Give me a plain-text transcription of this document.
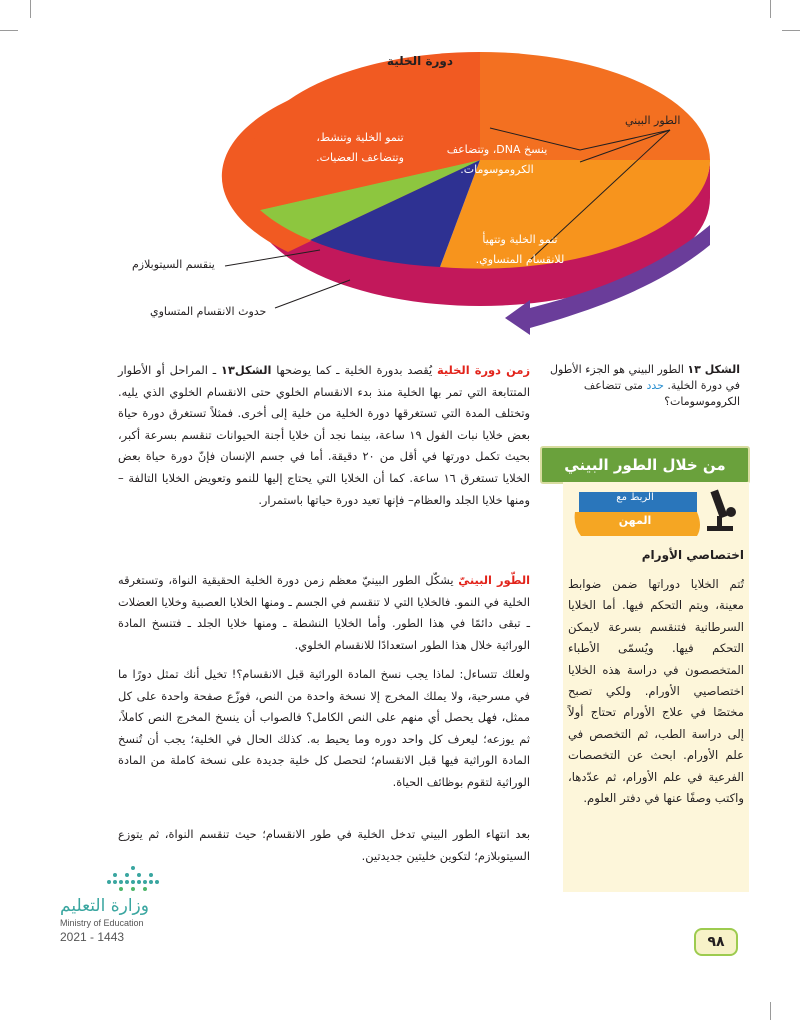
دورة الخلية
تنمو الخلية وتنشط،
وتتضاعف العضيات.
ينسخ DNA، وتتضاعف
الكروموسومات.
تنمو الخلية وتتهيأ
للانقسام المتساوي.
الطور البيني
ينقسم السيتوبلازم
حدوث الانقسام المتساوي
الشكل ١٣ الطور البيني هو الجزء الأطول في دورة الخلية. حدد متى تتضاعف الكروموسومات؟
زمن دورة الخلية يُقصد بدورة الخلية ـ كما يوضحها الشكل١٣ ـ المراحل أو الأطوار المتتابعة التي تمر بها الخلية منذ بدء الانقسام الخلوي حتى الانقسام الخلوي الذي يليه. وتختلف المدة التي تستغرقها دورة الخلية من خلية إلى أخرى. فمثلاً تستغرق دورة حياة بعض خلايا نبات الفول ١٩ ساعة، بينما نجد أن خلايا أجنة الحيوانات تنقسم بسرعة أكبر، بحيث تكمل دورتها في أقل من ٢٠ دقيقة. أما في جسم الإنسان فإنّ دورة حياة بعض الخلايا تستغرق ١٦ ساعة. كما أن الخلايا التي يحتاج إليها للنمو وتعويض الخلايا التالفة – ومنها خلايا الجلد والعظام– فإنها تعيد دورة حياتها باستمرار.
الطّور البينيّ يشكّل الطور البينيّ معظم زمن دورة الخلية الحقيقية النواة، وتستغرقه الخلية في النمو. فالخلايا التي لا تنقسم في الجسم ـ ومنها الخلايا العصبية وخلايا العضلات ـ تبقى دائمًا في هذا الطور. وأما الخلايا النشطة ـ ومنها خلايا الجلد ـ فتنسخ المادة الوراثية خلال هذا الطور استعدادًا للانقسام الخلوي.
ولعلك تتساءل: لماذا يجب نسخ المادة الوراثية قبل الانقسام؟! تخيل أنك تمثل دورًا ما في مسرحية، ولا يملك المخرج إلا نسخة واحدة من النص، فوزّع صفحة واحدة على كل ممثل، فهل يحصل أي منهم على النص الكامل؟ فالصواب أن ينسخ المخرج النص كاملاً، ثم يوزعه؛ ليعرف كل واحد دوره وما يحيط به. كذلك الحال في الخلية؛ يجب أن تُنسخ المادة الوراثية فيها قبل الانقسام؛ لتحصل كل خلية جديدة على نسخة كاملة من المادة الوراثية لتقوم بوظائف الحياة.
بعد انتهاء الطور البيني تدخل الخلية في طور الانقسام؛ حيث تنقسم النواة، ثم يتوزع السيتوبلازم؛ لتكوين خليتين جديدتين.
من خلال الطور البيني
الربط مع
المهن
اختصاصي الأورام
تُتم الخلايا دوراتها ضمن ضوابط معينة، ويتم التحكم فيها. أما الخلايا السرطانية فتنقسم بسرعة لايمكن التحكم فيها. ويُسمّى الأطباء المتخصصون في دراسة هذه الخلايا اختصاصيي الأورام. ولكي تصبح مختصًا في علاج الأورام تحتاج أولاً إلى دراسة الطب، ثم التخصص في علم الأورام. ابحث عن التخصصات الفرعية في علم الأورام، ثم عدّدها، واكتب وصفًا عنها في دفتر العلوم.
وزارة التعليم
Ministry of Education
2021 - 1443	٩٨
